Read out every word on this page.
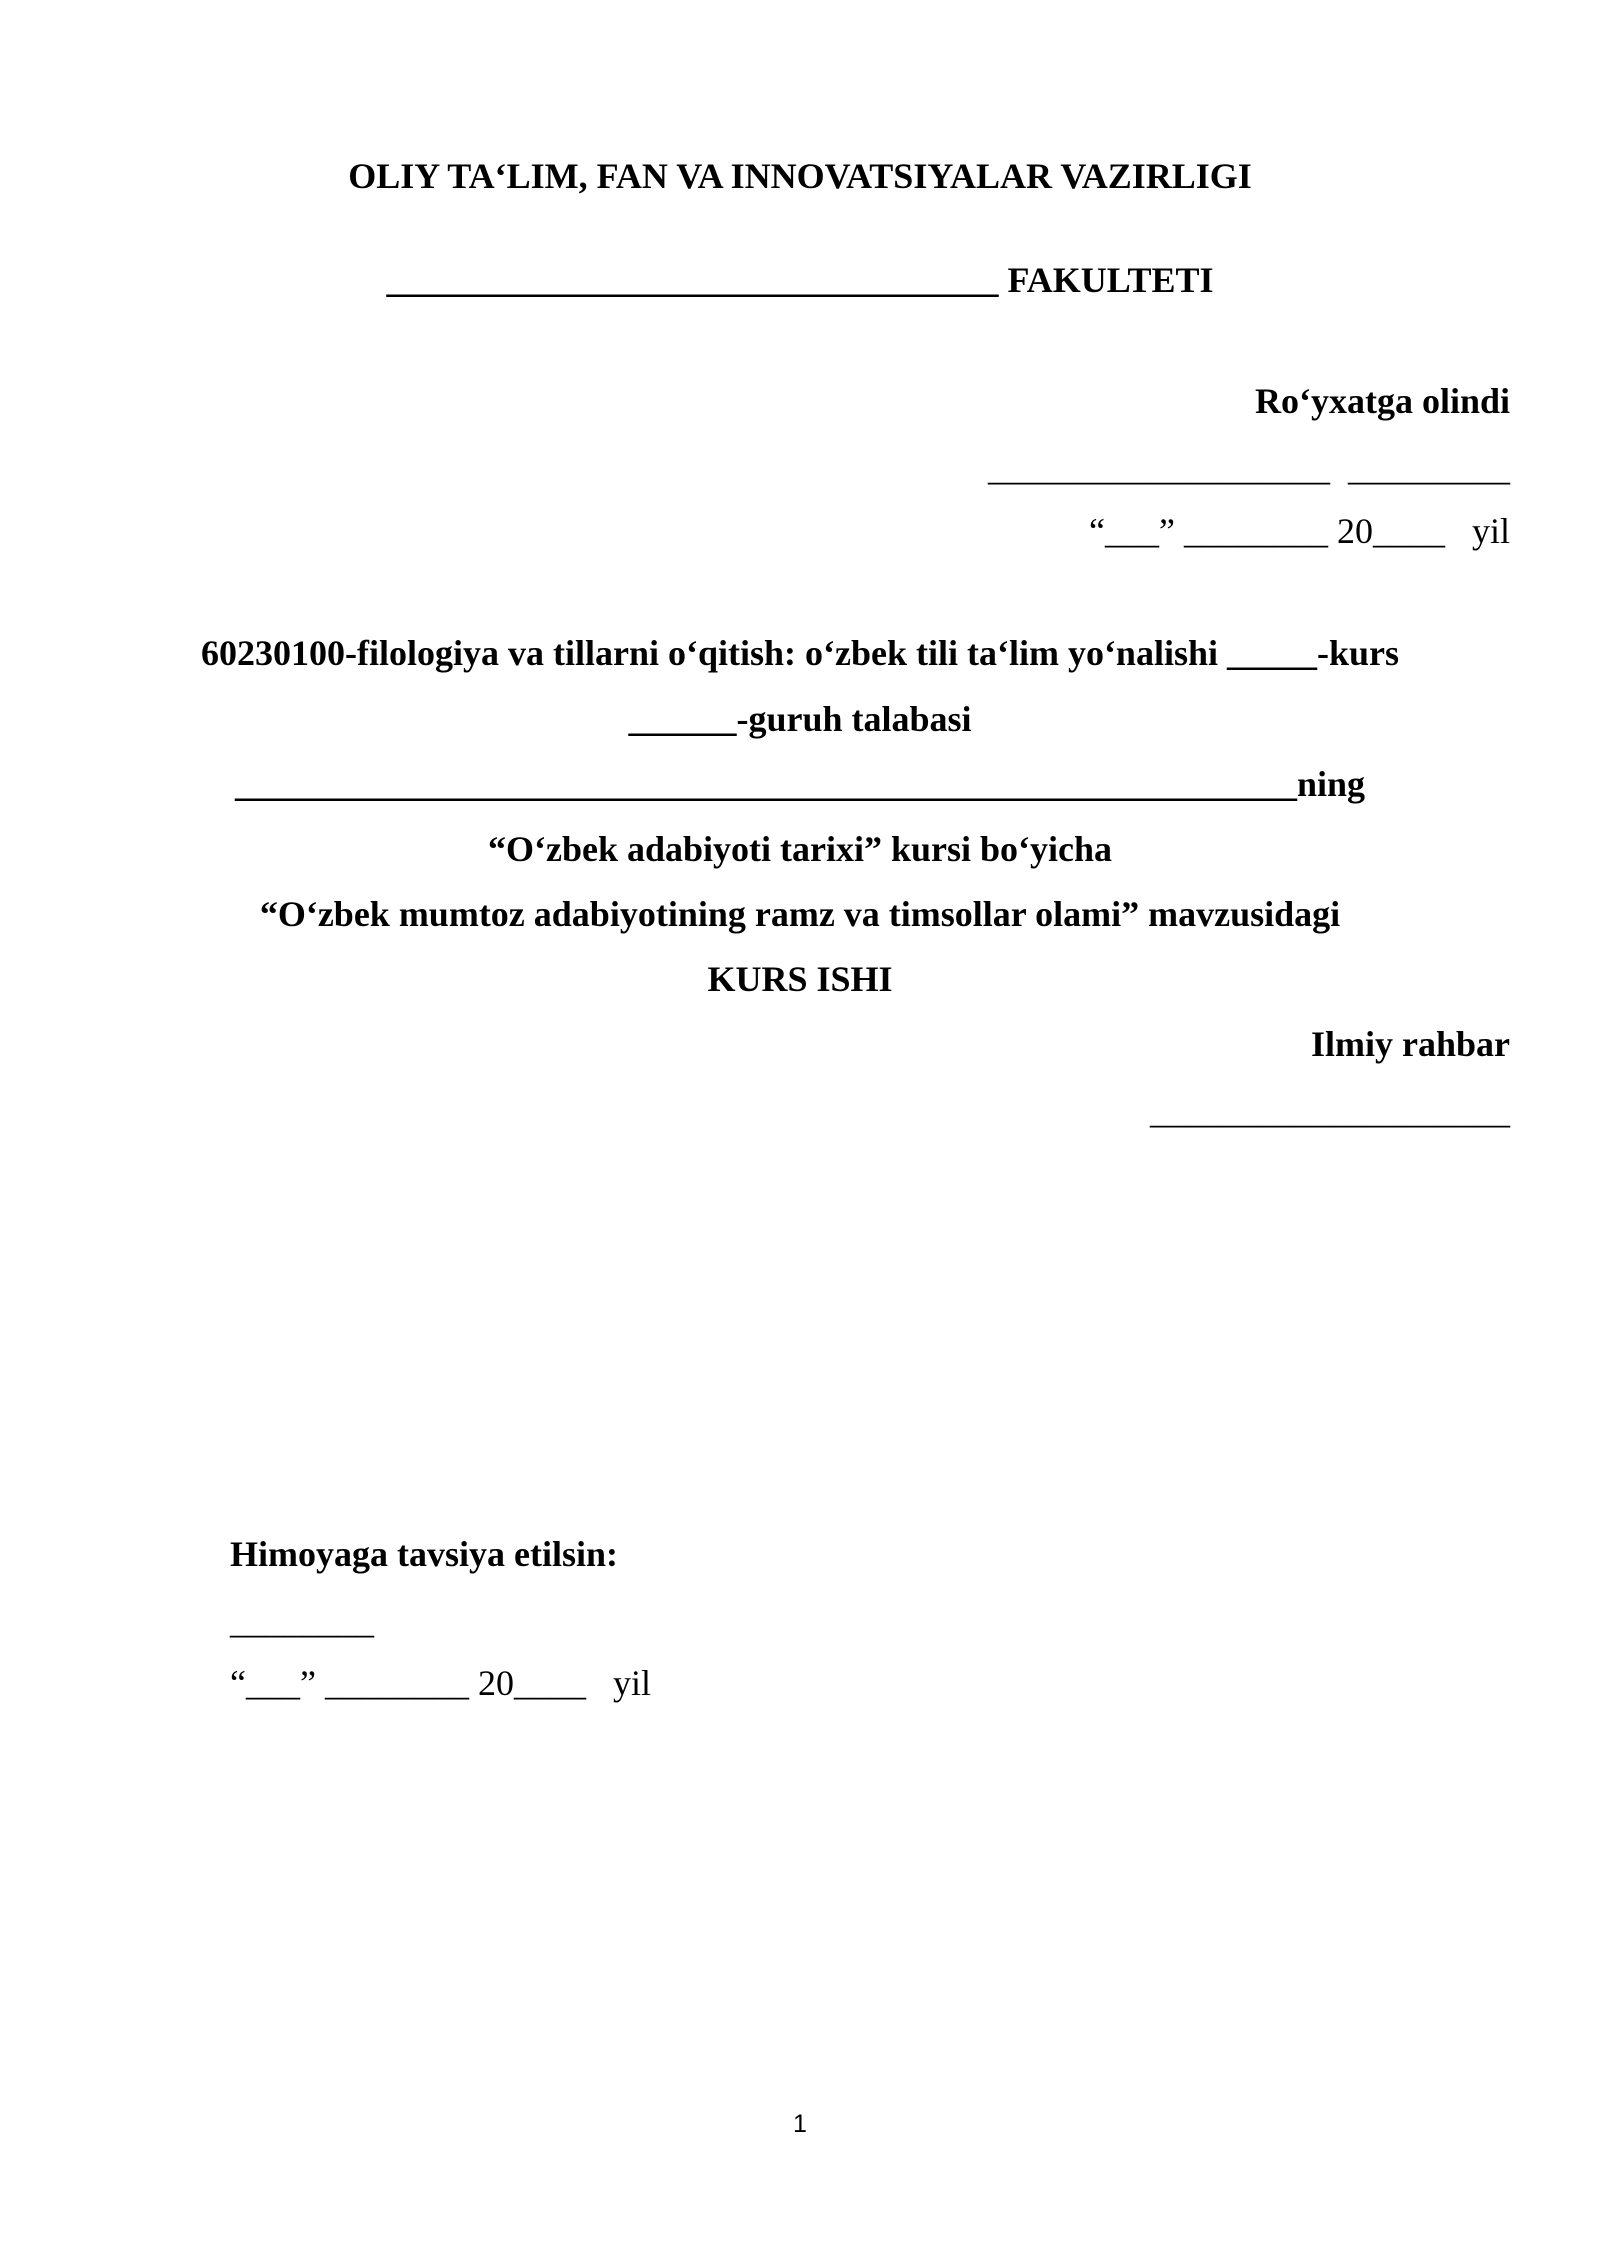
OLIY TA‘LIM, FAN VA INNOVATSIYALAR VAZIRLIGI
__________________________________ FAKULTETI
Ro‘yxatga olindi
___________________  _________
“___” ________ 20____   yil
60230100-filologiya va tillarni o‘qitish: o‘zbek tili ta‘lim yo‘nalishi _____-kurs
______-guruh talabasi
___________________________________________________________ning
“O‘zbek adabiyoti tarixi” kursi bo‘yicha
“O‘zbek mumtoz adabiyotining ramz va timsollar olami” mavzusidagi
KURS ISHI
Ilmiy rahbar
____________________
Himoyaga tavsiya etilsin:
________
“___” ________ 20____   yil
1
